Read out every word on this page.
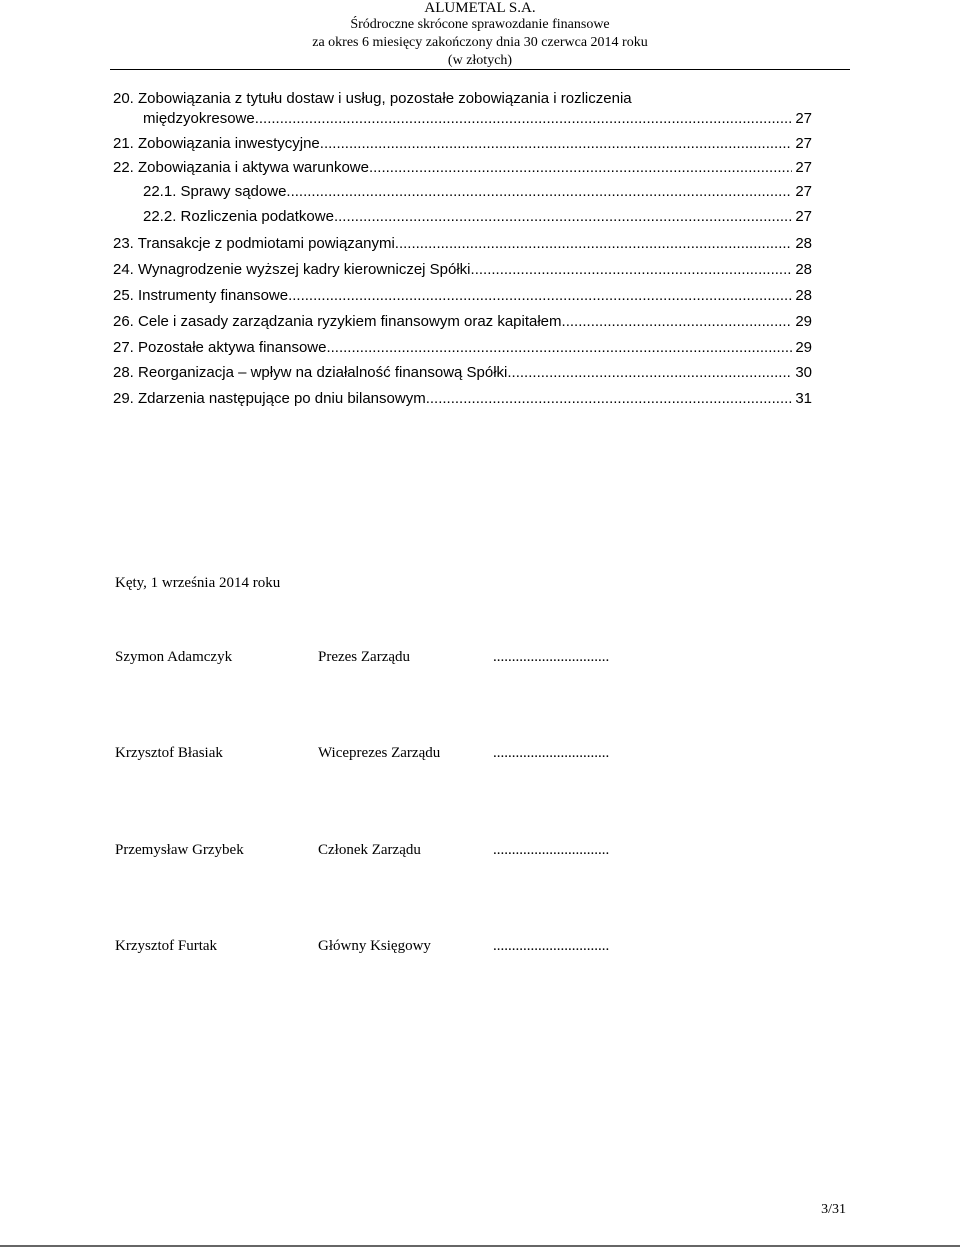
ALUMETAL S.A.
Śródroczne skrócone sprawozdanie finansowe
za okres 6 miesięcy zakończony dnia 30 czerwca 2014 roku
(w złotych)
20. Zobowiązania z tytułu dostaw i usług, pozostałe zobowiązania i rozliczenia
międzyokresowe .....	27
21. Zobowiązania inwestycyjne .....	27
22. Zobowiązania i aktywa warunkowe .....	27
22.1. Sprawy sądowe .....	27
22.2. Rozliczenia podatkowe .....	27
23. Transakcje z podmiotami powiązanymi .....	28
24. Wynagrodzenie wyższej kadry kierowniczej Spółki .....	28
25. Instrumenty finansowe .....	28
26. Cele i zasady zarządzania ryzykiem finansowym oraz kapitałem .....	29
27. Pozostałe aktywa finansowe .....	29
28. Reorganizacja – wpływ na działalność finansową Spółki .....	30
29. Zdarzenia następujące po dniu bilansowym .....	31
Kęty, 1 września 2014 roku
Szymon Adamczyk	Prezes Zarządu	...............................
Krzysztof Błasiak	Wiceprezes Zarządu	...............................
Przemysław Grzybek	Członek Zarządu	...............................
Krzysztof Furtak	Główny Księgowy	...............................
3/31
